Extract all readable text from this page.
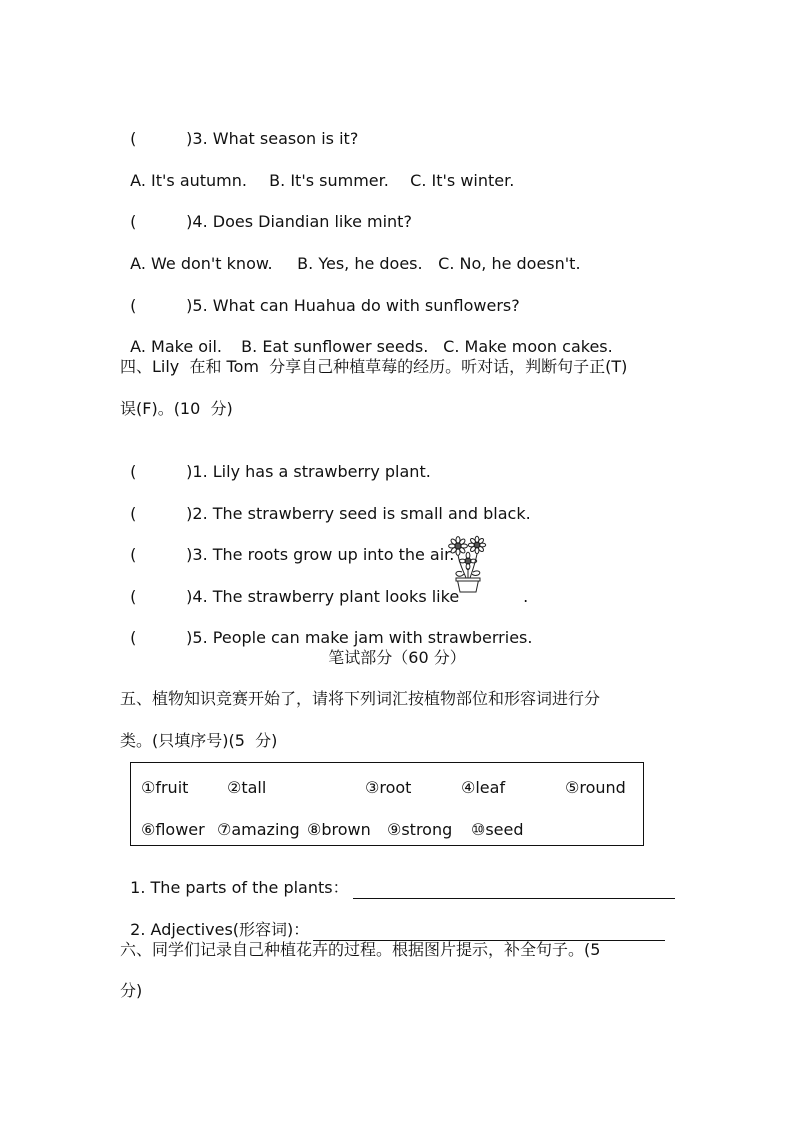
(	)3. What season is it?

A. It's autumn. B. It's summer. C. It's winter.

(	)4. Does Diandian like mint?

A. We don't know. B. Yes, he does. C. No, he doesn't.

(	)5. What can Huahua do with sunflowers?

A. Make oil. B. Eat sunflower seeds. C. Make moon cakes.

四、Lily  在和 Tom  分享自己种植草莓的经历。听对话，判断句子正(T)
误(F)。(10  分)

(	)1. Lily has a strawberry plant.

(	)2. The strawberry seed is small and black.

(	)3. The roots grow up into the air.

(	)4. The strawberry plant looks like	.

(	)5. People can make jam with strawberries.

笔试部分（60 分）
五、植物知识竞赛开始了，请将下列词汇按植物部位和形容词进行分
类。(只填序号)(5  分)
①fruit ②tall	③root	④leaf	⑤round
⑥flower ⑦amazing ⑧brown ⑨strong ⑩seed

1. The parts of the plants：

2. Adjectives(形容词)：

六、同学们记录自己种植花卉的过程。根据图片提示，补全句子。(5
分)
